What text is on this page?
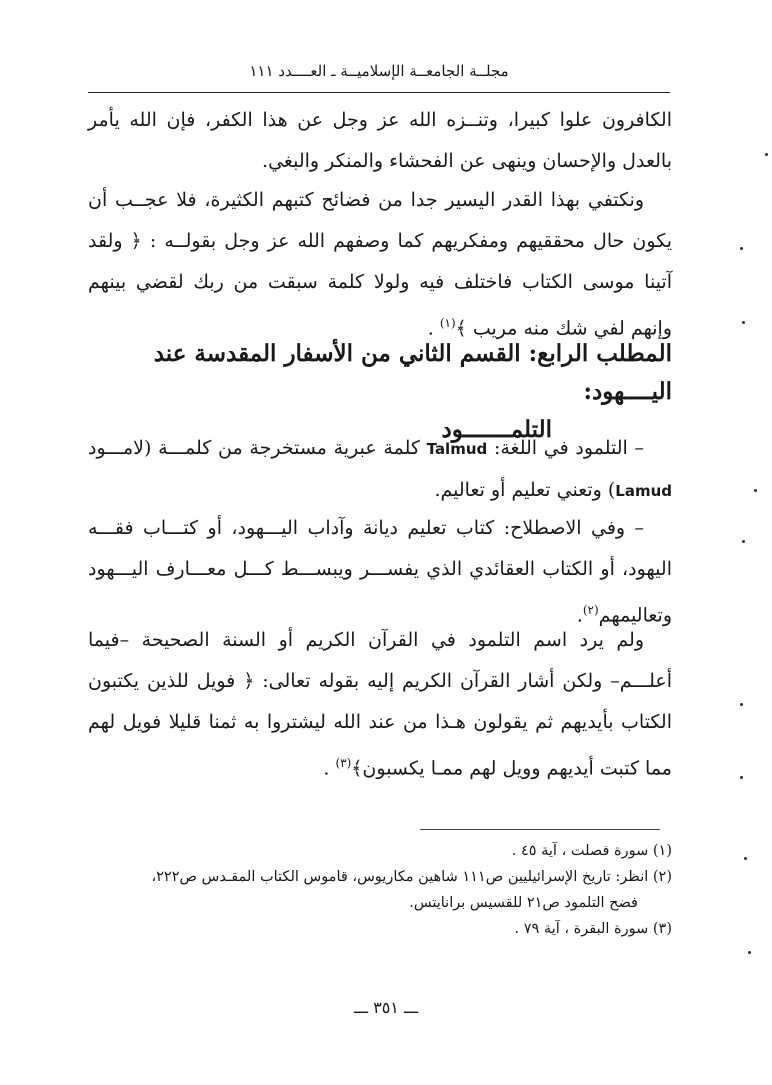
مجلــة الجامعــة الإسلاميــة ـ العــــدد ١١١
الكافرون علوا كبيرا، وتنــزه الله عز وجل عن هذا الكفر، فإن الله يأمر بالعدل والإحسان وينهى عن الفحشاء والمنكر والبغي.
ونكتفي بهذا القدر اليسير جدا من فضائح كتبهم الكثيرة، فلا عجــب أن يكون حال محققيهم ومفكريهم كما وصفهم الله عز وجل بقولــه : ﴿ ولقد آتينا موسى الكتاب فاختلف فيه ولولا كلمة سبقت من ربك لقضي بينهم وإنهم لفي شك منه مريب ﴾$^{(١)}$ .
المطلب الرابع: القسم الثاني من الأسفار المقدسة عند اليــــهود:
التلمـــــــود
– التلمود في اللغة: Talmud كلمة عبرية مستخرجة من كلمـــة (لامـــود Lamud) وتعني تعليم أو تعاليم.
– وفي الاصطلاح: كتاب تعليم ديانة وآداب اليـــهود، أو كتـــاب فقـــه اليهود، أو الكتاب العقائدي الذي يفســـر ويبســـط كـــل معـــارف اليـــهود وتعاليمهم$^{(٢)}$.
ولم يرد اسم التلمود في القرآن الكريم أو السنة الصحيحة –فيما أعلـــم– ولكن أشار القرآن الكريم إليه بقوله تعالى: ﴿ فويل للذين يكتبون الكتاب بأيديهم ثم يقولون هـذا من عند الله ليشتروا به ثمنا قليلا فويل لهم مما كتبت أيديهم وويل لهم ممـا يكسبون﴾$^{(٣)}$ .
(١) سورة فصلت ، آية ٤٥ .
(٢) انظر: تاريخ الإسرائيليين ص١١١ شاهين مكاريوس، قاموس الكتاب المقـدس ص٢٢٢،
فضح التلمود ص٢١ للقسيس برانايتس.
(٣) سورة البقرة ، آية ٧٩ .
ـــ ٣٥١ ـــ
